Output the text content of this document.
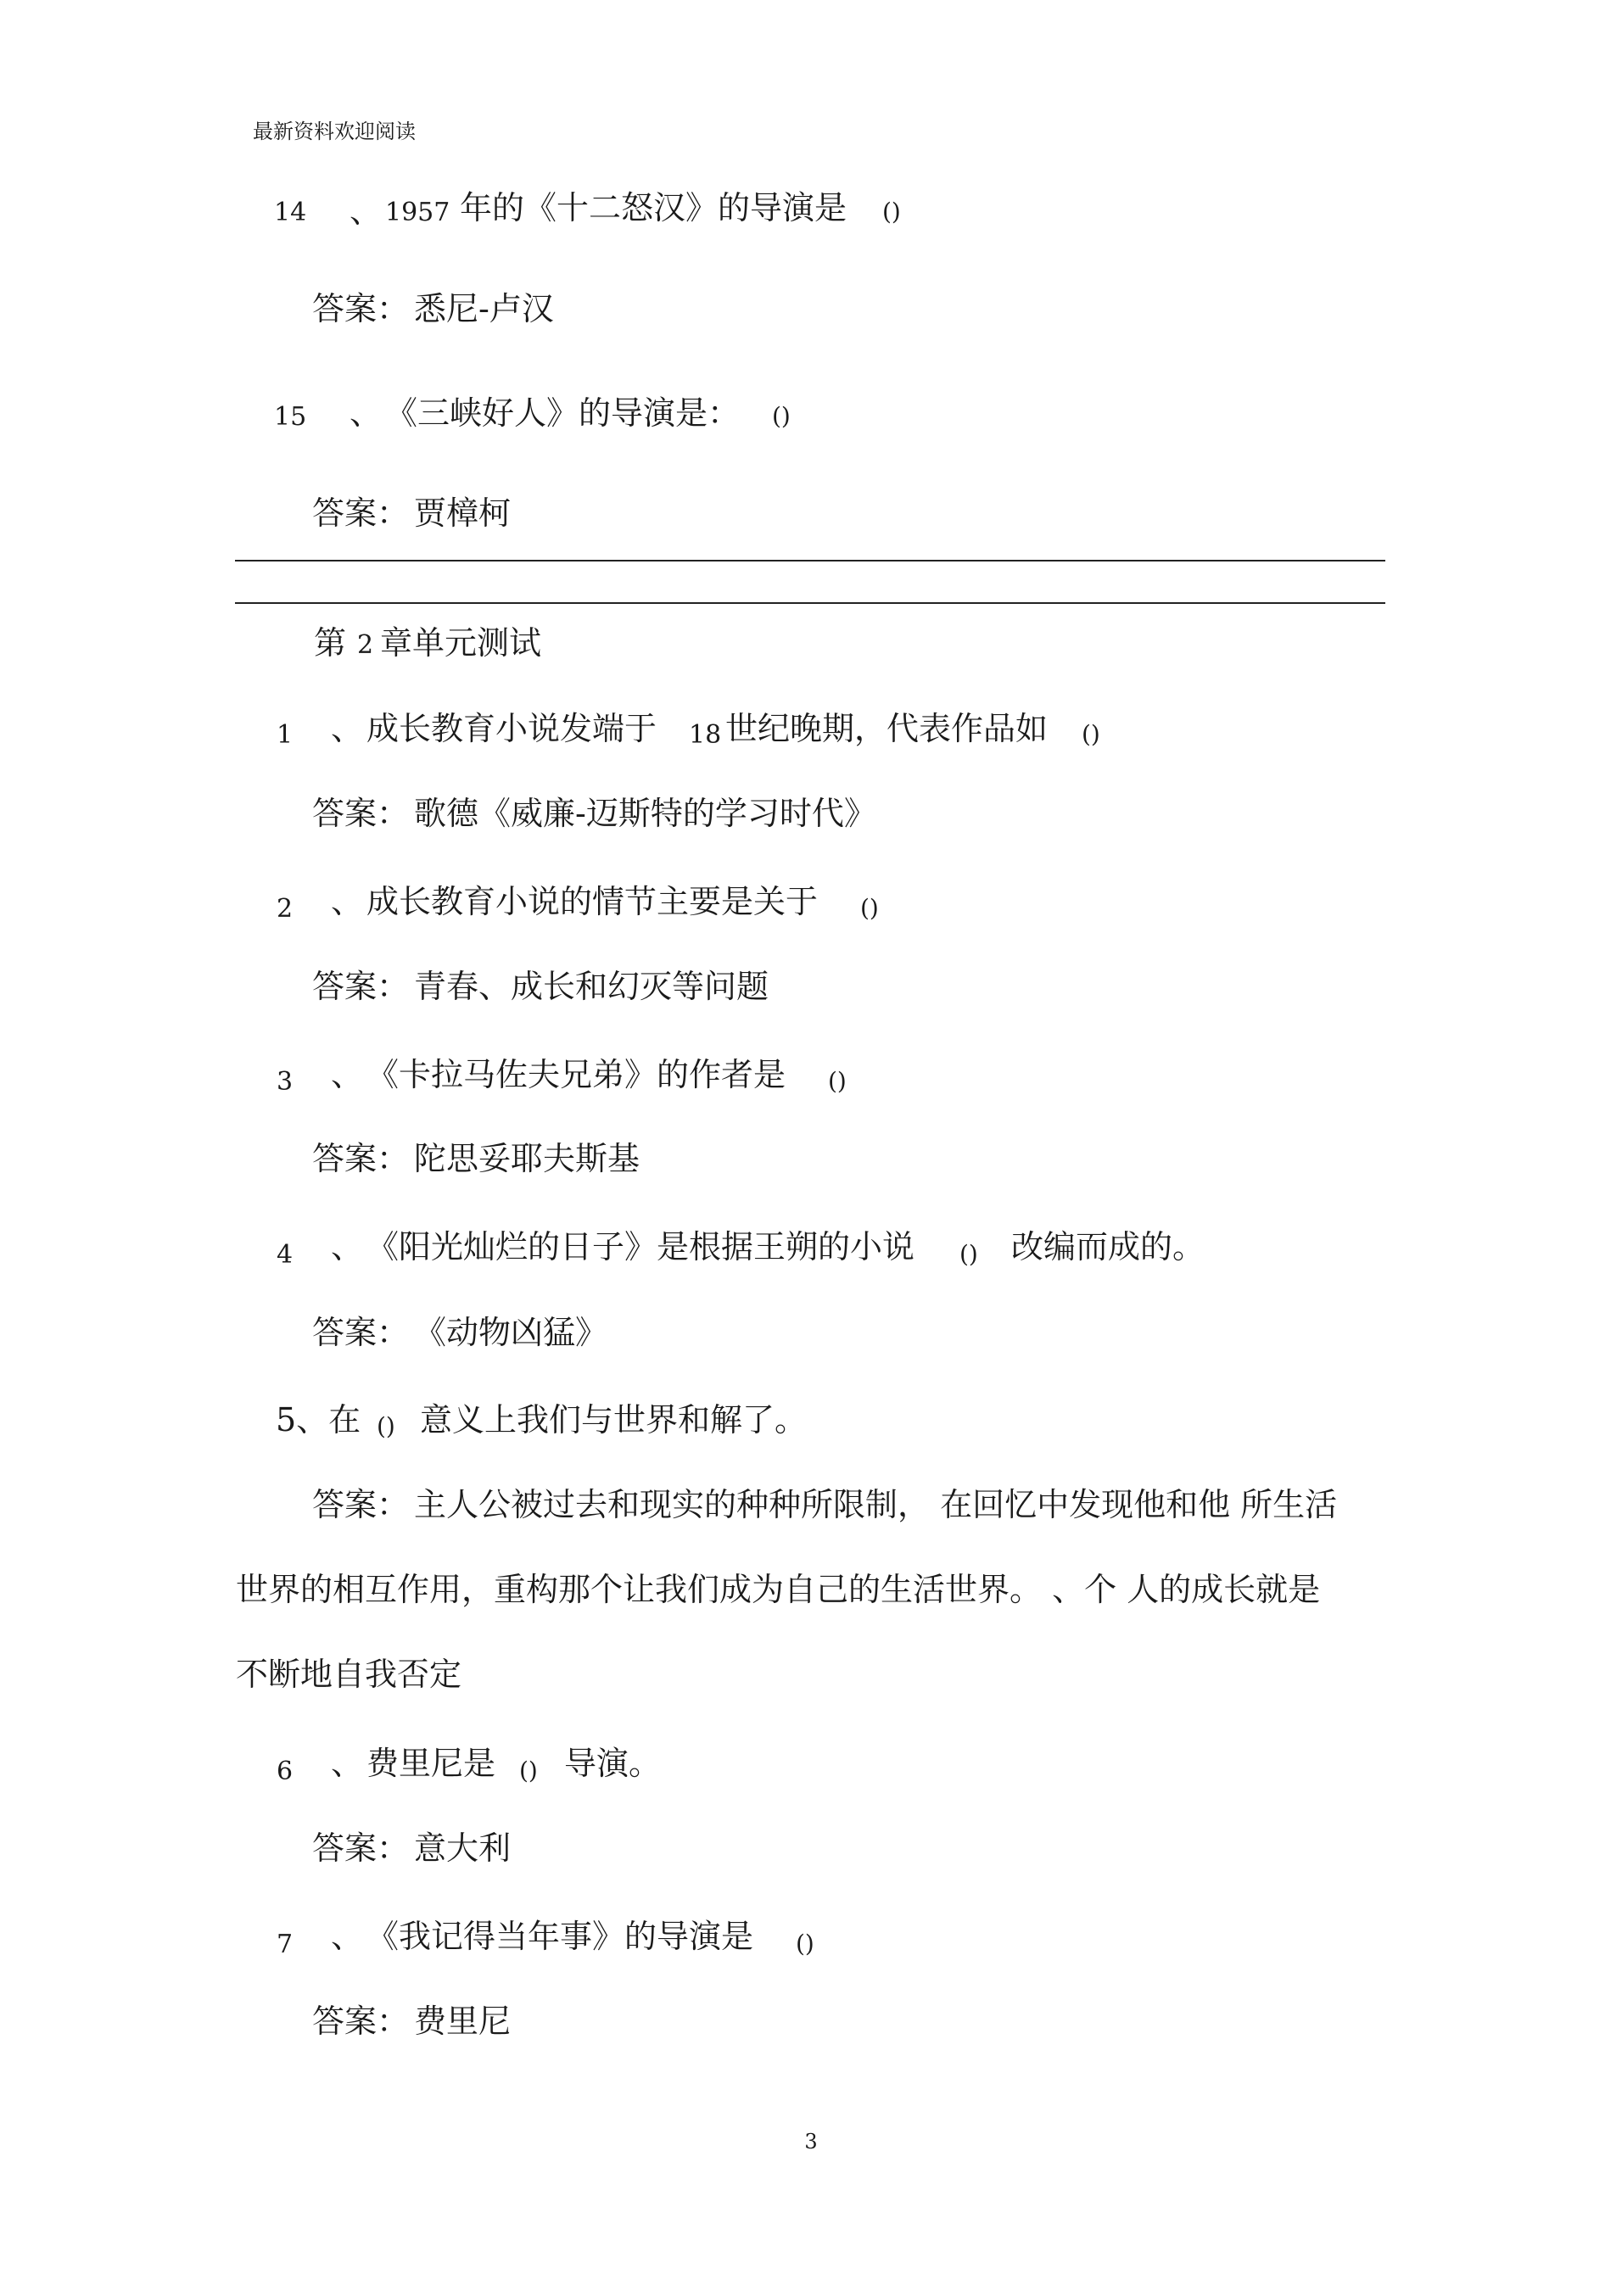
最新资料欢迎阅读
14 、 1957 年的《十二怒汉》的导演是 ()
答案： 悉尼-卢汉
15 、 《三峡好人》的导演是： ()
答案： 贾樟柯
第 2 章单元测试
1 、 成长教育小说发端于 18 世纪晚期，代表作品如 ()
答案： 歌德《威廉-迈斯特的学习时代》
2 、 成长教育小说的情节主要是关于 ()
答案： 青春、成长和幻灭等问题
3 、 《卡拉马佐夫兄弟》的作者是 ()
答案： 陀思妥耶夫斯基
4 、 《阳光灿烂的日子》是根据王朔的小说 () 改编而成的。
答案： 《动物凶猛》
5、在 () 意义上我们与世界和解了。
答案： 主人公被过去和现实的种种所限制， 在回忆中发现他和他 所生活
世界的相互作用，重构那个让我们成为自己的生活世界。 、个 人的成长就是
不断地自我否定
6 、 费里尼是 () 导演。
答案： 意大利
7 、 《我记得当年事》的导演是 ()
答案： 费里尼
3
